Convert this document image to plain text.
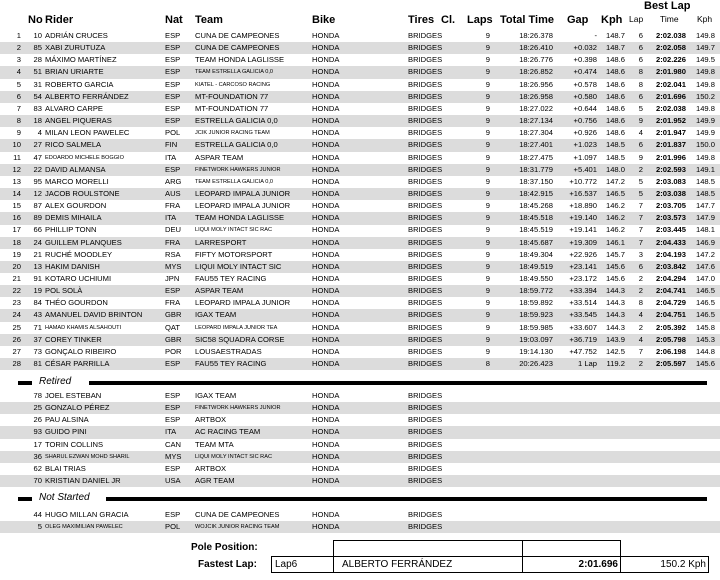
Best Lap
No Rider	Nat Team	Bike	Tires Cl. Laps Total Time Gap Kph Lap Time Kph
1	10 ADRIÁN CRUCES	ESP	CUNA DE CAMPEONES	HONDA	BRIDGES	9	18:26.378	-	148.7	6	2:02.038	149.8
2	85 XABI ZURUTUZA	ESP	CUNA DE CAMPEONES	HONDA	BRIDGES	9	18:26.410	+0.032	148.7	6	2:02.058	149.7
3	28 MÁXIMO MARTÍNEZ	ESP	TEAM HONDA LAGLISSE	HONDA	BRIDGES	9	18:26.776	+0.398	148.6	6	2:02.226	149.5
4	51 BRIAN URIARTE	ESP	TEAM ESTRELLA GALICIA 0,0	HONDA	BRIDGES	9	18:26.852	+0.474	148.6	8	2:01.980	149.8
5	31 ROBERTO GARCIA	ESP	KIATEL - CARCOSO RACING	HONDA	BRIDGES	9	18:26.956	+0.578	148.6	8	2:02.041	149.8
6	54 ALBERTO FERRÁNDEZ	ESP	MT-FOUNDATION 77	HONDA	BRIDGES	9	18:26.958	+0.580	148.6	6	2:01.696	150.2
7	83 ALVARO CARPE	ESP	MT-FOUNDATION 77	HONDA	BRIDGES	9	18:27.022	+0.644	148.6	5	2:02.038	149.8
8	18 ANGEL PIQUERAS	ESP	ESTRELLA GALICIA 0,0	HONDA	BRIDGES	9	18:27.134	+0.756	148.6	9	2:01.952	149.9
9	4 MILAN LEON PAWELEC	POL	JCIK JUNIOR RACING TEAM	HONDA	BRIDGES	9	18:27.304	+0.926	148.6	4	2:01.947	149.9
10	27 RICO SALMELA	FIN	ESTRELLA GALICIA 0,0	HONDA	BRIDGES	9	18:27.401	+1.023	148.5	6	2:01.837	150.0
11	47 EDOARDO MICHELE BOGGIO	ITA	ASPAR TEAM	HONDA	BRIDGES	9	18:27.475	+1.097	148.5	9	2:01.996	149.8
12	22 DAVID ALMANSA	ESP	FINETWORK HAWKERS JUNIOR	HONDA	BRIDGES	9	18:31.779	+5.401	148.0	2	2:02.593	149.1
13	95 MARCO MORELLI	ARG	TEAM ESTRELLA GALICIA 0,0	HONDA	BRIDGES	9	18:37.150	+10.772	147.2	5	2:03.083	148.5
14	12 JACOB ROULSTONE	AUS	LEOPARD IMPALA JUNIOR	HONDA	BRIDGES	9	18:42.915	+16.537	146.5	5	2:03.038	148.5
15	87 ALEX GOURDON	FRA	LEOPARD IMPALA JUNIOR	HONDA	BRIDGES	9	18:45.268	+18.890	146.2	7	2:03.705	147.7
16	89 DEMIS MIHAILA	ITA	TEAM HONDA LAGLISSE	HONDA	BRIDGES	9	18:45.518	+19.140	146.2	7	2:03.573	147.9
17	66 PHILLIP TONN	DEU	LIQUI MOLY INTACT SIC RAC	HONDA	BRIDGES	9	18:45.519	+19.141	146.2	7	2:03.445	148.1
18	24 GUILLEM PLANQUES	FRA	LARRESPORT	HONDA	BRIDGES	9	18:45.687	+19.309	146.1	7	2:04.433	146.9
19	21 RUCHÉ MOODLEY	RSA	FIFTY MOTORSPORT	HONDA	BRIDGES	9	18:49.304	+22.926	145.7	3	2:04.193	147.2
20	13 HAKIM DANISH	MYS	LIQUI MOLY INTACT SIC	HONDA	BRIDGES	9	18:49.519	+23.141	145.6	6	2:03.842	147.6
21	91 KOTARO UCHIUMI	JPN	FAU55 TEY RACING	HONDA	BRIDGES	9	18:49.550	+23.172	145.6	2	2:04.294	147.0
22	19 POL SOLÀ	ESP	ASPAR TEAM	HONDA	BRIDGES	9	18:59.772	+33.394	144.3	2	2:04.741	146.5
23	84 THÉO GOURDON	FRA	LEOPARD IMPALA JUNIOR	HONDA	BRIDGES	9	18:59.892	+33.514	144.3	8	2:04.729	146.5
24	43 AMANUEL DAVID BRINTON	GBR	IGAX TEAM	HONDA	BRIDGES	9	18:59.923	+33.545	144.3	4	2:04.751	146.5
25	71 HAMAD KHAMIS ALSAHOUTI	QAT	LEOPARD IMPALA JUNIOR TEA	HONDA	BRIDGES	9	18:59.985	+33.607	144.3	2	2:05.392	145.8
26	37 COREY TINKER	GBR	SIC58 SQUADRA CORSE	HONDA	BRIDGES	9	19:03.097	+36.719	143.9	4	2:05.798	145.3
27	73 GONÇALO RIBEIRO	POR	LOUSAESTRADAS	HONDA	BRIDGES	9	19:14.130	+47.752	142.5	7	2:06.198	144.8
28	81 CÉSAR PARRILLA	ESP	FAU55 TEY RACING	HONDA	BRIDGES	8	20:26.423	1 Lap	119.2	2	2:05.597	145.6
Retired
78 JOEL ESTEBAN	ESP	IGAX TEAM	HONDA	BRIDGES
25 GONZALO PÉREZ	ESP	FINETWORK HAWKERS JUNIOR	HONDA	BRIDGES
26 PAU ALSINA	ESP	ARTBOX	HONDA	BRIDGES
93 GUIDO PINI	ITA	AC RACING TEAM	HONDA	BRIDGES
17 TORIN COLLINS	CAN	TEAM MTA	HONDA	BRIDGES
36 SHARUL EZWAN MOHD SHARIL	MYS	LIQUI MOLY INTACT SIC RAC	HONDA	BRIDGES
62 BLAI TRIAS	ESP	ARTBOX	HONDA	BRIDGES
70 KRISTIAN DANIEL JR	USA	AGR TEAM	HONDA	BRIDGES
Not Started
44 HUGO MILLAN GRACIA	ESP	CUNA DE CAMPEONES	HONDA	BRIDGES
5 OLEG MAXIMILIAN PAWELEC	POL	WOJCIK JUNIOR RACING TEAM	HONDA	BRIDGES
Pole Position:
Fastest Lap: Lap6	ALBERTO FERRÁNDEZ	2:01.696	150.2 Kph
